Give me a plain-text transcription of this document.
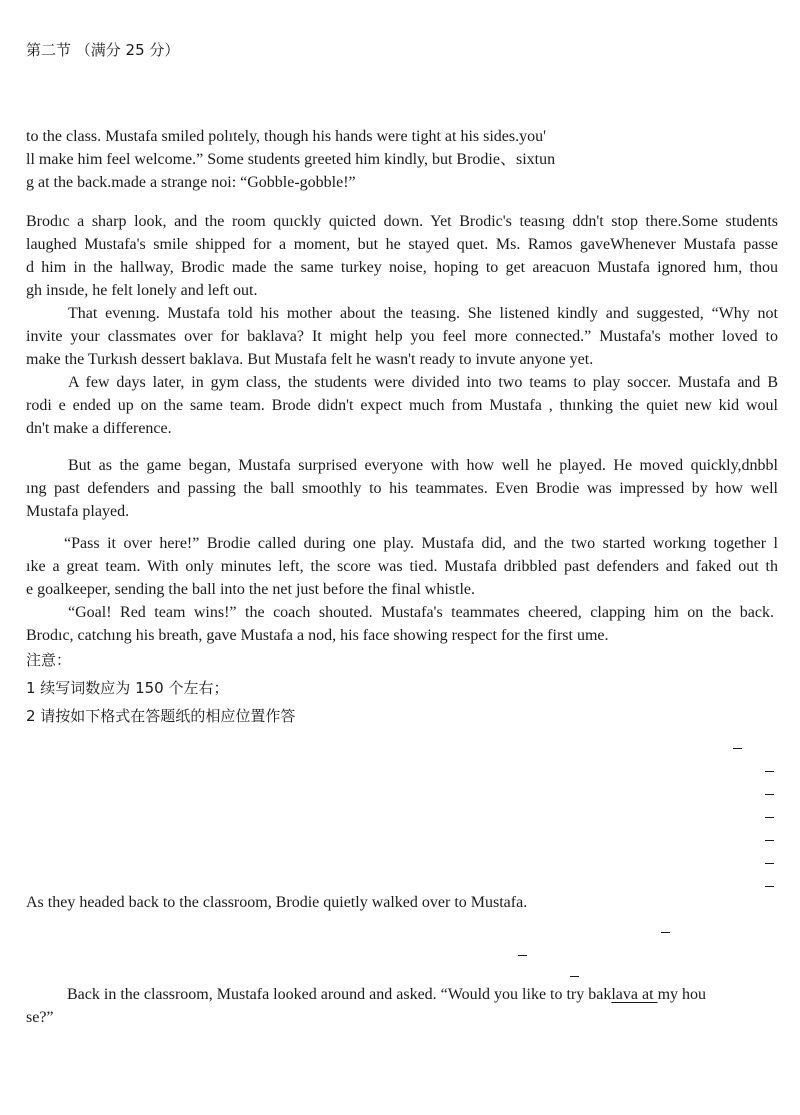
第二节 （满分 25 分）
to the class. Mustafa smiled polıtely, though his hands were tight at his sides.you'
ll make him feel welcome.” Some students greeted him kindly, but Brodie、sixtun
g at the back.made a strange noi: “Gobble-gobble!”
Brodıc a sharp look, and the room quıckly quicted down. Yet Brodic's teasıng ddn't stop there.Some students
laughed Mustafa's smile shipped for a moment, but he stayed quet. Ms. Ramos gaveWhenever Mustafa passe
d him in the hallway, Brodic made the same turkey noise, hoping to get areacuon Mustafa ignored hım, thou
gh insıde, he felt lonely and left out.
That evenıng. Mustafa told his mother about the teasıng. She listened kindly and suggested, “Why not
invite your classmates over for baklava? It might help you feel more connected.” Mustafa's mother loved to
make the Turkısh dessert baklava. But Mustafa felt he wasn't ready to invute anyone yet.
A few days later, in gym class, the students were divided into two teams to play soccer. Mustafa and B
rodi e ended up on the same team. Brode didn't expect much from Mustafa , thınking the quiet new kid woul
dn't make a difference.
But as the game began, Mustafa surprised everyone with how well he played. He moved quickly,dnbbl
ıng past defenders and passing the ball smoothly to his teammates. Even Brodie was impressed by how well
Mustafa played.
“Pass it over here!” Brodie called during one play. Mustafa did, and the two started workıng together l
ıke a great team. With only minutes left, the score was tied. Mustafa dribbled past defenders and faked out th
e goalkeeper, sending the ball into the net just before the final whistle.
“Goal! Red team wins!” the coach shouted. Mustafa's teammates cheered, clapping him on the back.
Brodıc, catchıng his breath, gave Mustafa a nod, his face showing respect for the first ume.
注意：
1 续写词数应为 150 个左右；
2 请按如下格式在答题纸的相应位置作答
As they headed back to the classroom, Brodie quietly walked over to Mustafa.
Back in the classroom, Mustafa looked around and asked. “Would you like to try baklava at my hou
se?”
